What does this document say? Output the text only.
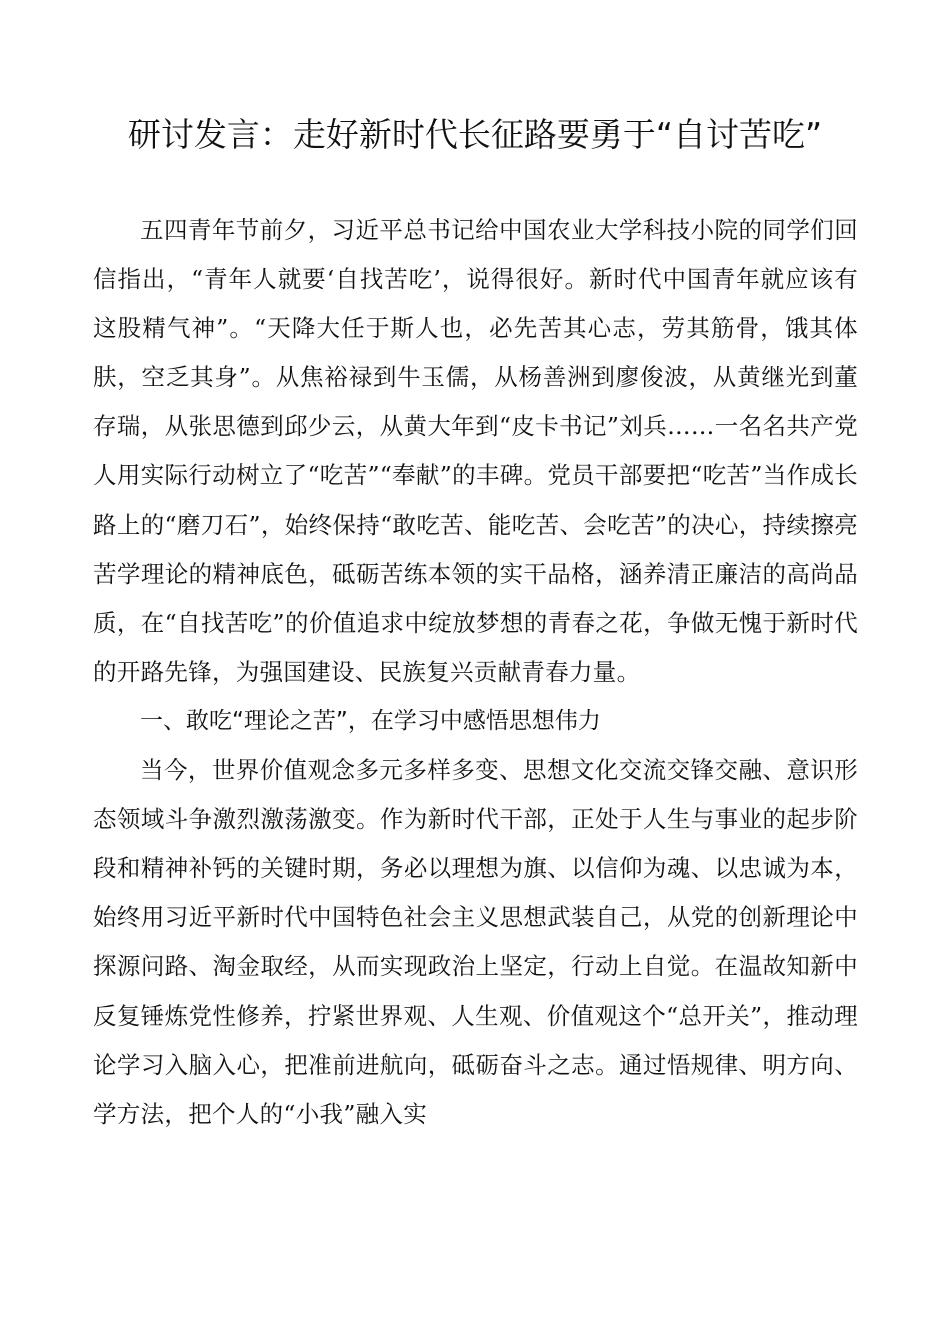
研讨发言：走好新时代长征路要勇于“自讨苦吃”

五四青年节前夕，习近平总书记给中国农业大学科技小院的同学们回信指出，“青年人就要‘自找苦吃’，说得很好。新时代中国青年就应该有这股精气神”。“天降大任于斯人也，必先苦其心志，劳其筋骨，饿其体肤，空乏其身”。从焦裕禄到牛玉儒，从杨善洲到廖俊波，从黄继光到董存瑞，从张思德到邱少云，从黄大年到“皮卡书记”刘兵……一名名共产党人用实际行动树立了“吃苦”“奉献”的丰碑。党员干部要把“吃苦”当作成长路上的“磨刀石”，始终保持“敢吃苦、能吃苦、会吃苦”的决心，持续擦亮苦学理论的精神底色，砥砺苦练本领的实干品格，涵养清正廉洁的高尚品质，在“自找苦吃”的价值追求中绽放梦想的青春之花，争做无愧于新时代的开路先锋，为强国建设、民族复兴贡献青春力量。

一、敢吃“理论之苦”，在学习中感悟思想伟力

当今，世界价值观念多元多样多变、思想文化交流交锋交融、意识形态领域斗争激烈激荡激变。作为新时代干部，正处于人生与事业的起步阶段和精神补钙的关键时期，务必以理想为旗、以信仰为魂、以忠诚为本，始终用习近平新时代中国特色社会主义思想武装自己，从党的创新理论中探源问路、淘金取经，从而实现政治上坚定，行动上自觉。在温故知新中反复锤炼党性修养，拧紧世界观、人生观、价值观这个“总开关”，推动理论学习入脑入心，把准前进航向，砥砺奋斗之志。通过悟规律、明方向、学方法，把个人的“小我”融入实
